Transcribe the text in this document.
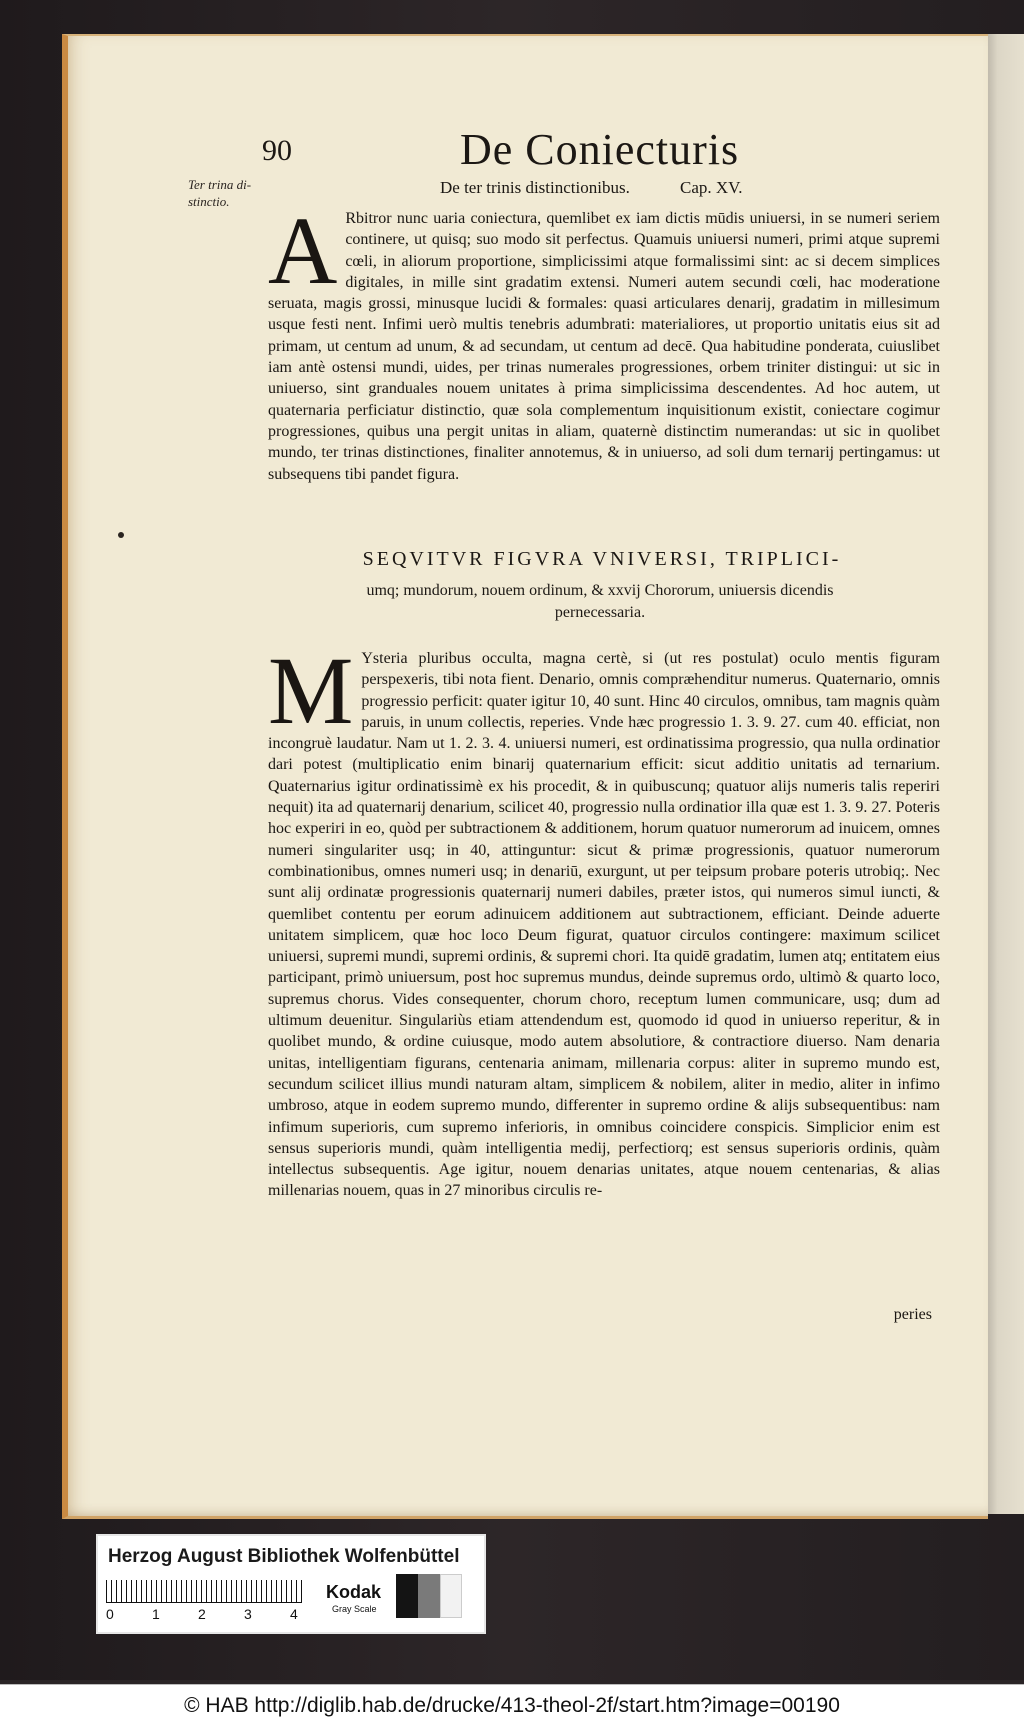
90	De Coniecturis
Ter trina di-stinctio.
De ter trinis distinctionibus.	Cap. XV.

A Rbitror nunc uaria coniectura, quemlibet ex iam dictis mūdis uniuersi, in se numeri seriem continere, ut quisq; suo modo sit perfectus. Quamuis uniuersi numeri, primi atque supremi cœli, in aliorum proportione, simplicissimi atque formalissimi sint: ac si decem simplices digitales, in mille sint gradatim extensi. Numeri autem secundi cœli, hac moderatione seruata, magis grossi, minusque lucidi & formales: quasi articulares denarij, gradatim in millesimum usque festi nent. Infimi uerò multis tenebris adumbrati: materialiores, ut proportio unitatis eius sit ad primam, ut centum ad unum, & ad secundam, ut centum ad decē. Qua habitudine ponderata, cuiuslibet iam antè ostensi mundi, uides, per trinas numerales progressiones, orbem triniter distingui: ut sic in uniuerso, sint granduales nouem unitates à prima simplicissima descendentes. Ad hoc autem, ut quaternaria perficiatur distinctio, quæ sola complementum inquisitionum existit, coniectare cogimur progressiones, quibus una pergit unitas in aliam, quaternè distinctim numerandas: ut sic in quolibet mundo, ter trinas distinctiones, finaliter annotemus, & in uniuerso, ad soli dum ternarij pertingamus: ut subsequens tibi pandet figura.

SEQVITVR FIGVRA VNIVERSI, TRIPLICI-
umq; mundorum, nouem ordinum, & xxvij Chororum, uniuersis dicendis pernecessaria.

M Ysteria pluribus occulta, magna certè, si (ut res postulat) oculo mentis figuram perspexeris, tibi nota fient. Denario, omnis compræhenditur numerus. Quaternario, omnis progressio perficit: quater igitur 10, 40 sunt. Hinc 40 circulos, omnibus, tam magnis quàm paruis, in unum collectis, reperies. Vnde hæc progressio 1. 3. 9. 27. cum 40. efficiat, non incongruè laudatur. Nam ut 1. 2. 3. 4. uniuersi numeri, est ordinatissima progressio, qua nulla ordinatior dari potest (multiplicatio enim binarij quaternarium efficit: sicut additio unitatis ad ternarium. Quaternarius igitur ordinatissimè ex his procedit, & in quibuscunq; quatuor alijs numeris talis reperiri nequit) ita ad quaternarij denarium, scilicet 40, progressio nulla ordinatior illa quæ est 1. 3. 9. 27. Poteris hoc experiri in eo, quòd per subtractionem & additionem, horum quatuor numerorum ad inuicem, omnes numeri singulariter usq; in 40, attinguntur: sicut & primæ progressionis, quatuor numerorum combinationibus, omnes numeri usq; in denariū, exurgunt, ut per teipsum probare poteris utrobiq;. Nec sunt alij ordinatæ progressionis quaternarij numeri dabiles, præter istos, qui numeros simul iuncti, & quemlibet contentu per eorum adinuicem additionem aut subtractionem, efficiant. Deinde aduerte unitatem simplicem, quæ hoc loco Deum figurat, quatuor circulos contingere: maximum scilicet uniuersi, supremi mundi, supremi ordinis, & supremi chori. Ita quidē gradatim, lumen atq; entitatem eius participant, primò uniuersum, post hoc supremus mundus, deinde supremus ordo, ultimò & quarto loco, supremus chorus. Vides consequenter, chorum choro, receptum lumen communicare, usq; dum ad ultimum deuenitur. Singulariùs etiam attendendum est, quomodo id quod in uniuerso reperitur, & in quolibet mundo, & ordine cuiusque, modo autem absolutiore, & contractiore diuerso. Nam denaria unitas, intelligentiam figurans, centenaria animam, millenaria corpus: aliter in supremo mundo est, secundum scilicet illius mundi naturam altam, simplicem & nobilem, aliter in medio, aliter in infimo umbroso, atque in eodem supremo mundo, differenter in supremo ordine & alijs subsequentibus: nam infimum superioris, cum supremo inferioris, in omnibus coincidere conspicis. Simplicior enim est sensus superioris mundi, quàm intelligentia medij, perfectiorq; est sensus superioris ordinis, quàm intellectus subsequentis. Age igitur, nouem denarias unitates, atque nouem centenarias, & alias millenarias nouem, quas in 27 minoribus circulis re-

peries
Herzog August Bibliothek Wolfenbüttel
0	1	2	3	4
Kodak
Gray Scale
© HAB http://diglib.hab.de/drucke/413-theol-2f/start.htm?image=00190
